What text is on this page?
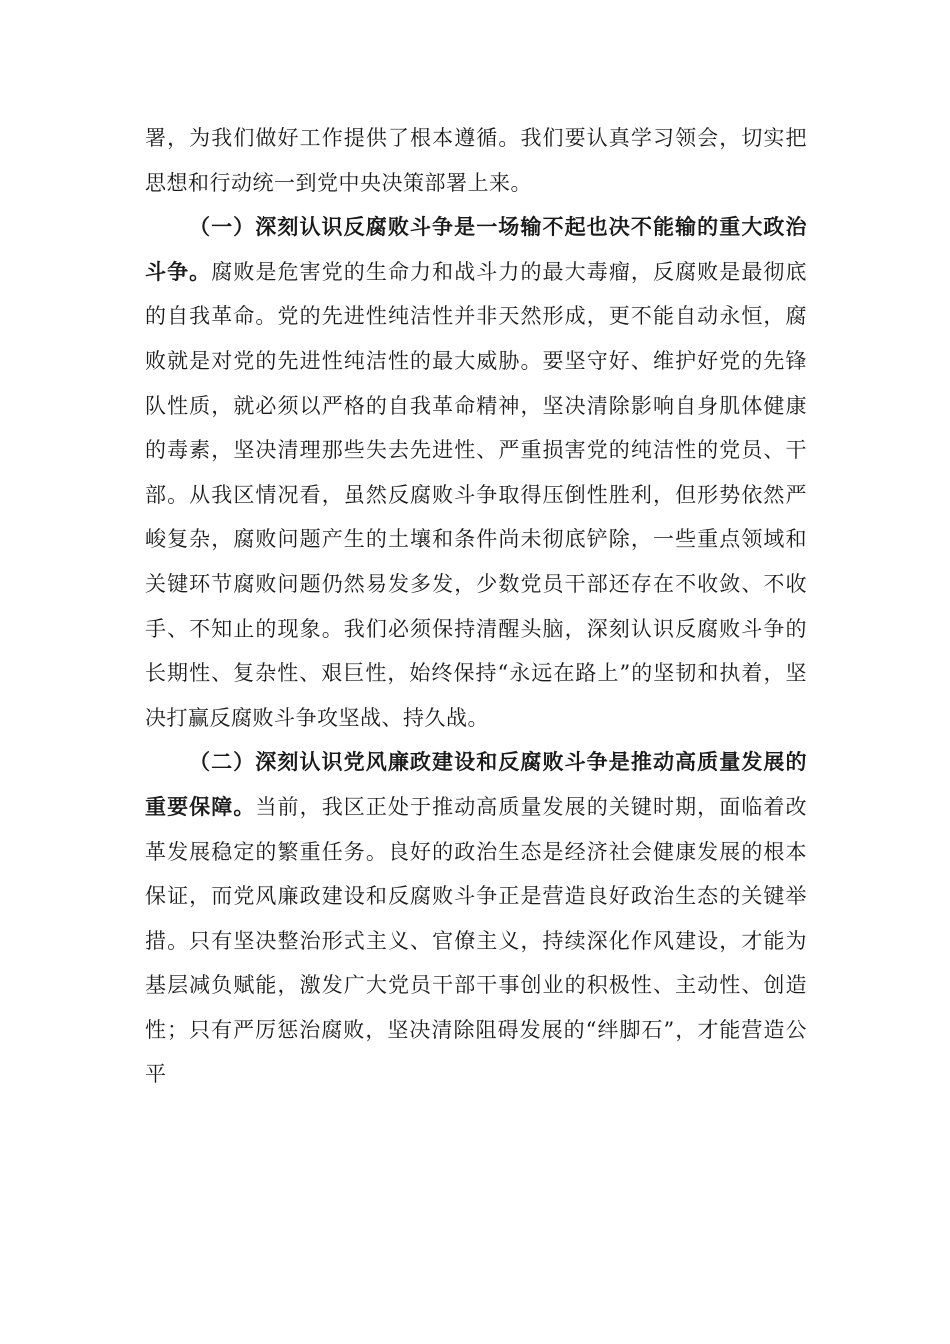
署，为我们做好工作提供了根本遵循。我们要认真学习领会，切实把思想和行动统一到党中央决策部署上来。

（一）深刻认识反腐败斗争是一场输不起也决不能输的重大政治斗争。腐败是危害党的生命力和战斗力的最大毒瘤，反腐败是最彻底的自我革命。党的先进性纯洁性并非天然形成，更不能自动永恒，腐败就是对党的先进性纯洁性的最大威胁。要坚守好、维护好党的先锋队性质，就必须以严格的自我革命精神，坚决清除影响自身肌体健康的毒素，坚决清理那些失去先进性、严重损害党的纯洁性的党员、干部。从我区情况看，虽然反腐败斗争取得压倒性胜利，但形势依然严峻复杂，腐败问题产生的土壤和条件尚未彻底铲除，一些重点领域和关键环节腐败问题仍然易发多发，少数党员干部还存在不收敛、不收手、不知止的现象。我们必须保持清醒头脑，深刻认识反腐败斗争的长期性、复杂性、艰巨性，始终保持“永远在路上”的坚韧和执着，坚决打赢反腐败斗争攻坚战、持久战。

（二）深刻认识党风廉政建设和反腐败斗争是推动高质量发展的重要保障。当前，我区正处于推动高质量发展的关键时期，面临着改革发展稳定的繁重任务。良好的政治生态是经济社会健康发展的根本保证，而党风廉政建设和反腐败斗争正是营造良好政治生态的关键举措。只有坚决整治形式主义、官僚主义，持续深化作风建设，才能为基层减负赋能，激发广大党员干部干事创业的积极性、主动性、创造性；只有严厉惩治腐败，坚决清除阻碍发展的“绊脚石”，才能营造公平
